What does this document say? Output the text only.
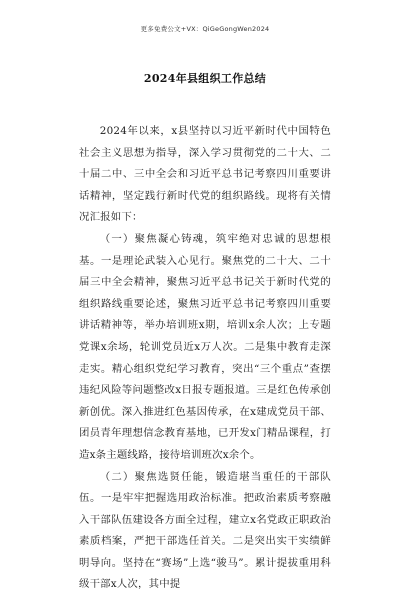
更多免费公文+VX：QiGeGongWen2024
2024年县组织工作总结

2024年以来，x县坚持以习近平新时代中国特色社会主义思想为指导，深入学习贯彻党的二十大、二十届二中、三中全会和习近平总书记考察四川重要讲话精神，坚定践行新时代党的组织路线。现将有关情况汇报如下：

（一）聚焦凝心铸魂，筑牢绝对忠诚的思想根基。一是理论武装入心见行。聚焦党的二十大、二十届三中全会精神，聚焦习近平总书记关于新时代党的组织路线重要论述，聚焦习近平总书记考察四川重要讲话精神等，举办培训班x期，培训x余人次；上专题党课x余场，轮训党员近x万人次。二是集中教育走深走实。精心组织党纪学习教育，突出“三个重点”查摆违纪风险等问题整改x日报专题报道。三是红色传承创新创优。深入推进红色基因传承，在x建成党员干部、团员青年理想信念教育基地，已开发x门精品课程，打造x条主题线路，接待培训班次x余个。

（二）聚焦选贤任能，锻造堪当重任的干部队伍。一是牢牢把握选用政治标准。把政治素质考察融入干部队伍建设各方面全过程，建立x名党政正职政治素质档案，严把干部选任首关。二是突出实干实绩鲜明导向。坚持在“赛场”上选“骏马”。累计提拔重用科级干部x人次，其中提
